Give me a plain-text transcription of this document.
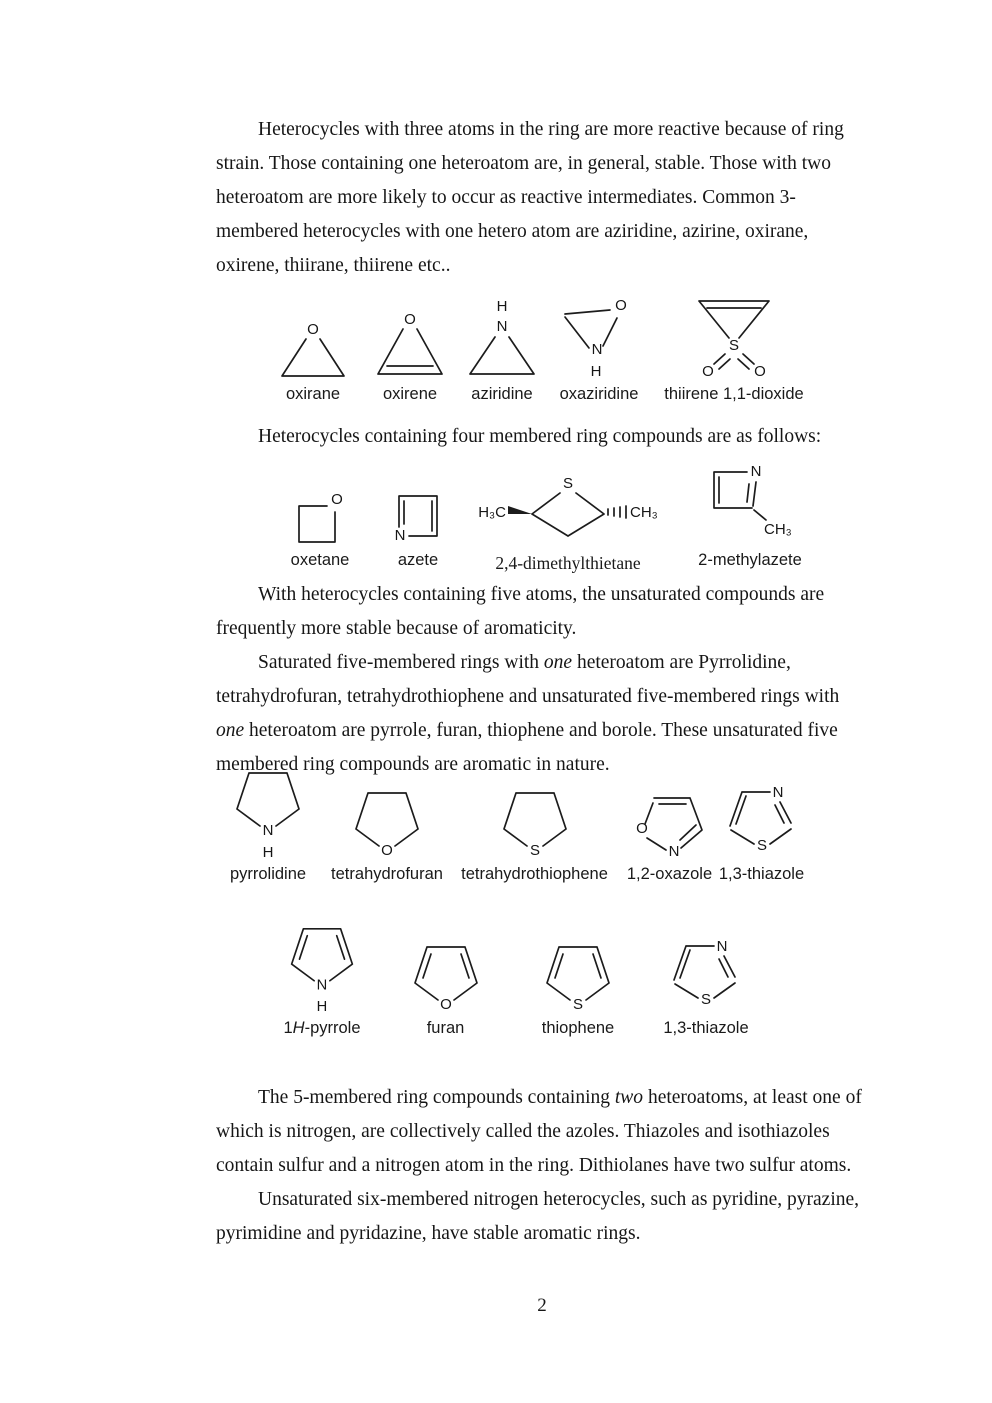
Heterocycles with three atoms in the ring are more reactive because of ring strain. Those containing one heteroatom are, in general, stable. Those with two heteroatom are more likely to occur as reactive intermediates. Common 3-membered heterocycles with one hetero atom are aziridine, azirine, oxirane, oxirene, thiirane, thiirene etc..

O
oxirane
O
oxirene
H
N
aziridine
O
N
H
oxaziridine
S
O	O
thiirene 1,1-dioxide

Heterocycles containing four membered ring compounds are as follows:

O
oxetane
N
azete
S
H₃C	CH₃
2,4-dimethylthietane
N
CH₃
2-methylazete

With heterocycles containing five atoms, the unsaturated compounds are frequently more stable because of aromaticity.

Saturated five-membered rings with one heteroatom are Pyrrolidine, tetrahydrofuran, tetrahydrothiophene and unsaturated five-membered rings with one heteroatom are pyrrole, furan, thiophene and borole. These unsaturated five membered ring compounds are aromatic in nature.

N
H
pyrrolidine
O
tetrahydrofuran
S
tetrahydrothiophene
O
N
1,2-oxazole
N
S
1,3-thiazole
N
H
1H-pyrrole
O
furan
S
thiophene
N
S
1,3-thiazole

The 5-membered ring compounds containing two heteroatoms, at least one of which is nitrogen, are collectively called the azoles. Thiazoles and isothiazoles contain sulfur and a nitrogen atom in the ring. Dithiolanes have two sulfur atoms.

Unsaturated six-membered nitrogen heterocycles, such as pyridine, pyrazine, pyrimidine and pyridazine, have stable aromatic rings.

2
